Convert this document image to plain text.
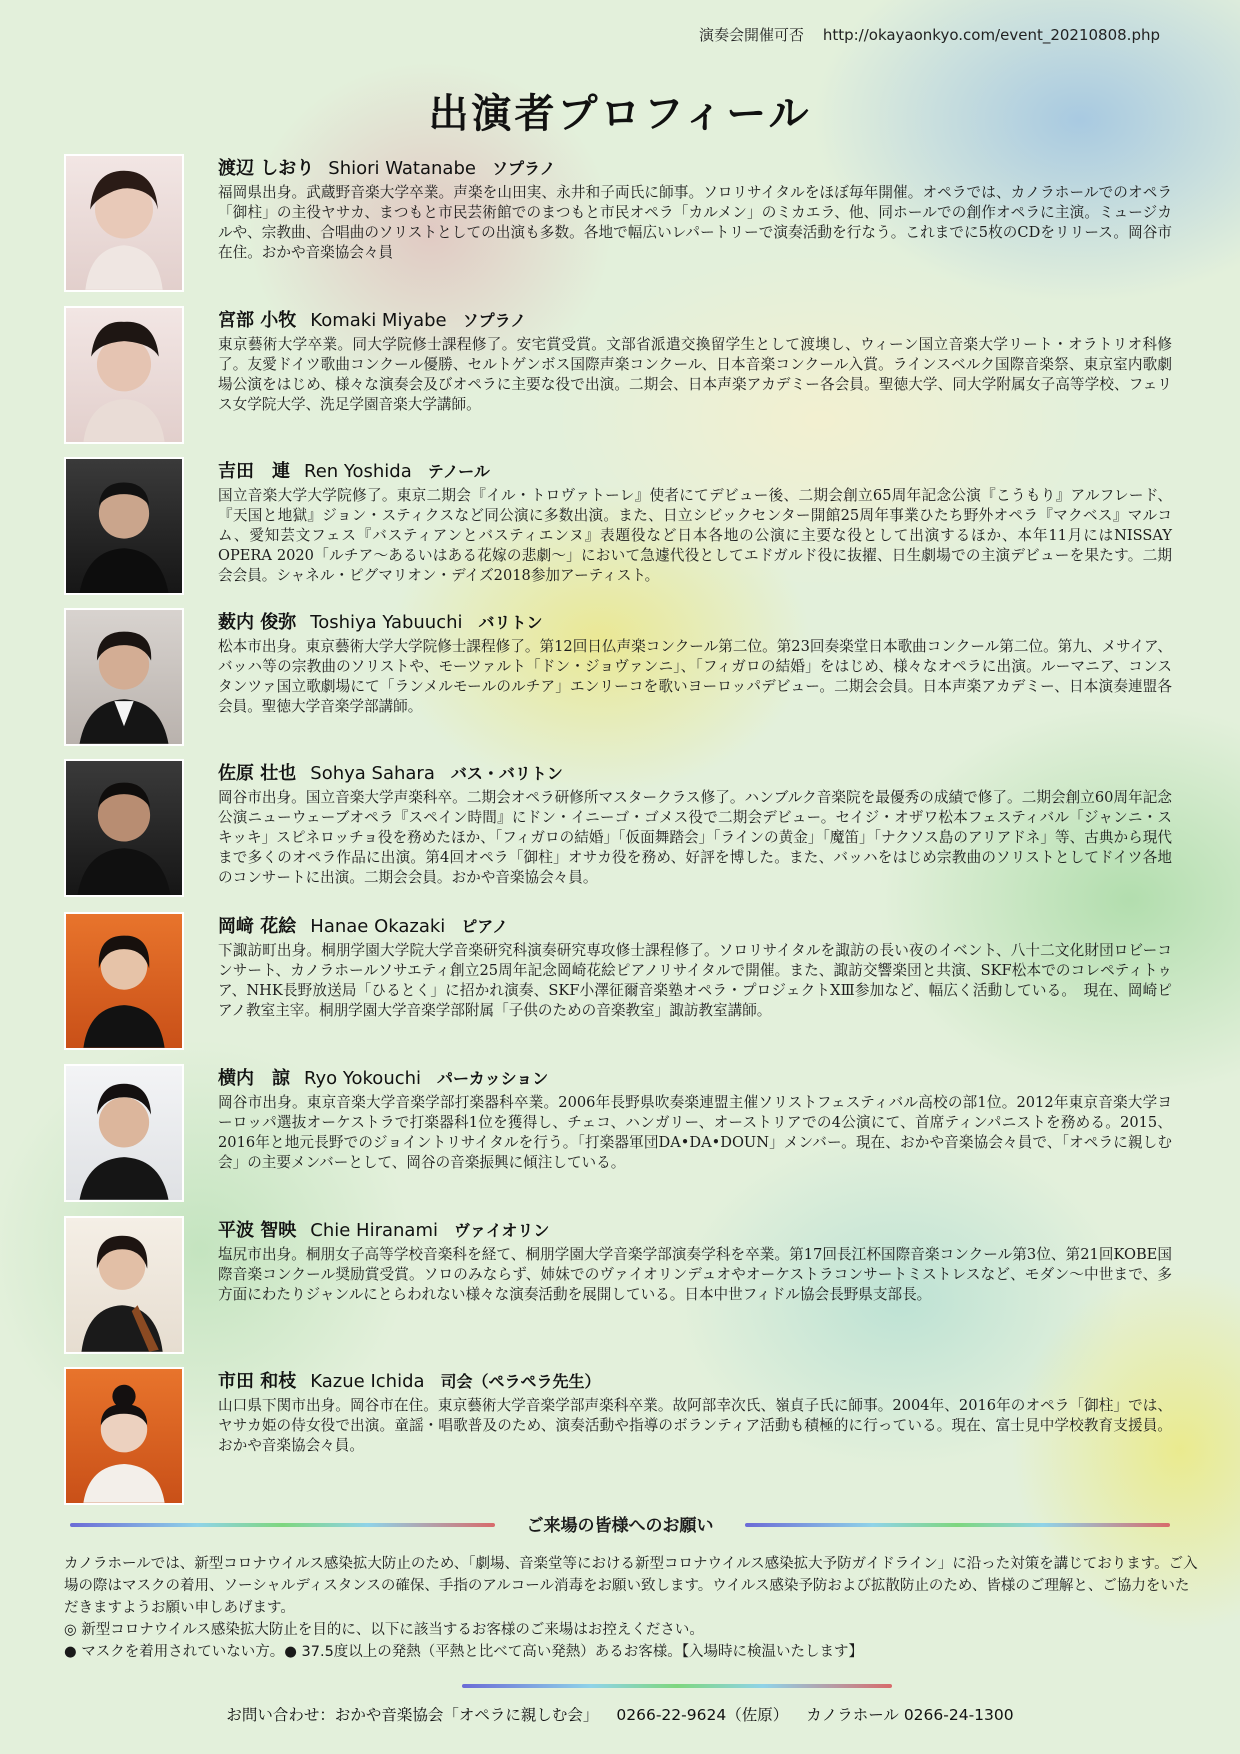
演奏会開催可否 http://okayaonkyo.com/event_20210808.php
出演者プロフィール
渡辺 しおり Shiori Watanabe ソプラノ

福岡県出身。武蔵野音楽大学卒業。声楽を山田実、永井和子両氏に師事。ソロリサイタルをほぼ毎年開催。オペラでは、カノラホールでのオペラ「御柱」の主役ヤサカ、まつもと市民芸術館でのまつもと市民オペラ「カルメン」のミカエラ、他、同ホールでの創作オペラに主演。ミュージカルや、宗教曲、合唱曲のソリストとしての出演も多数。各地で幅広いレパートリーで演奏活動を行なう。これまでに5枚のCDをリリース。岡谷市在住。おかや音楽協会々員

宮部 小牧 Komaki Miyabe ソプラノ

東京藝術大学卒業。同大学院修士課程修了。安宅賞受賞。文部省派遣交換留学生として渡墺し、ウィーン国立音楽大学リート・オラトリオ科修了。友愛ドイツ歌曲コンクール優勝、セルトゲンボス国際声楽コンクール、日本音楽コンクール入賞。ラインスベルク国際音楽祭、東京室内歌劇場公演をはじめ、様々な演奏会及びオペラに主要な役で出演。二期会、日本声楽アカデミー各会員。聖徳大学、同大学附属女子高等学校、フェリス女学院大学、洗足学園音楽大学講師。

吉田　連 Ren Yoshida テノール

国立音楽大学大学院修了。東京二期会『イル・トロヴァトーレ』使者にてデビュー後、二期会創立65周年記念公演『こうもり』アルフレード、『天国と地獄』ジョン・スティクスなど同公演に多数出演。また、日立シビックセンター開館25周年事業ひたち野外オペラ『マクベス』マルコム、愛知芸文フェス『バスティアンとバスティエンヌ』表題役など日本各地の公演に主要な役として出演するほか、本年11月にはNISSAY OPERA 2020「ルチア〜あるいはある花嫁の悲劇〜」において急遽代役としてエドガルド役に抜擢、日生劇場での主演デビューを果たす。二期会会員。シャネル・ピグマリオン・デイズ2018参加アーティスト。

薮内 俊弥 Toshiya Yabuuchi バリトン

松本市出身。東京藝術大学大学院修士課程修了。第12回日仏声楽コンクール第二位。第23回奏楽堂日本歌曲コンクール第二位。第九、メサイア、バッハ等の宗教曲のソリストや、モーツァルト「ドン・ジョヴァンニ」、「フィガロの結婚」をはじめ、様々なオペラに出演。ルーマニア、コンスタンツァ国立歌劇場にて「ランメルモールのルチア」エンリーコを歌いヨーロッパデビュー。二期会会員。日本声楽アカデミー、日本演奏連盟各会員。聖徳大学音楽学部講師。

佐原 壮也 Sohya Sahara バス・バリトン

岡谷市出身。国立音楽大学声楽科卒。二期会オペラ研修所マスタークラス修了。ハンブルク音楽院を最優秀の成績で修了。二期会創立60周年記念公演ニューウェーブオペラ『スペイン時間』にドン・イニーゴ・ゴメス役で二期会デビュー。セイジ・オザワ松本フェスティバル「ジャンニ・スキッキ」スピネロッチョ役を務めたほか、「フィガロの結婚」「仮面舞踏会」「ラインの黄金」「魔笛」「ナクソス島のアリアドネ」等、古典から現代まで多くのオペラ作品に出演。第4回オペラ「御柱」オサカ役を務め、好評を博した。また、バッハをはじめ宗教曲のソリストとしてドイツ各地のコンサートに出演。二期会会員。おかや音楽協会々員。

岡﨑 花絵 Hanae Okazaki ピアノ

下諏訪町出身。桐朋学園大学院大学音楽研究科演奏研究専攻修士課程修了。ソロリサイタルを諏訪の長い夜のイベント、八十二文化財団ロビーコンサート、カノラホールソサエティ創立25周年記念岡崎花絵ピアノリサイタルで開催。また、諏訪交響楽団と共演、SKF松本でのコレペティトゥア、NHK長野放送局「ひるとく」に招かれ演奏、SKF小澤征爾音楽塾オペラ・プロジェクトXⅢ参加など、幅広く活動している。　現在、岡崎ピアノ教室主宰。桐朋学園大学音楽学部附属「子供のための音楽教室」諏訪教室講師。

横内　諒 Ryo Yokouchi パーカッション

岡谷市出身。東京音楽大学音楽学部打楽器科卒業。2006年長野県吹奏楽連盟主催ソリストフェスティバル高校の部1位。2012年東京音楽大学ヨーロッパ選抜オーケストラで打楽器科1位を獲得し、チェコ、ハンガリー、オーストリアでの4公演にて、首席ティンパニストを務める。2015、2016年と地元長野でのジョイントリサイタルを行う。「打楽器軍団DA•DA•DOUN」メンバー。現在、おかや音楽協会々員で、「オペラに親しむ会」の主要メンバーとして、岡谷の音楽振興に傾注している。

平波 智映 Chie Hiranami ヴァイオリン

塩尻市出身。桐朋女子高等学校音楽科を経て、桐朋学園大学音楽学部演奏学科を卒業。第17回長江杯国際音楽コンクール第3位、第21回KOBE国際音楽コンクール奨励賞受賞。ソロのみならず、姉妹でのヴァイオリンデュオやオーケストラコンサートミストレスなど、モダン〜中世まで、多方面にわたりジャンルにとらわれない様々な演奏活動を展開している。日本中世フィドル協会長野県支部長。

市田 和枝 Kazue Ichida 司会（ペラペラ先生）

山口県下関市出身。岡谷市在住。東京藝術大学音楽学部声楽科卒業。故阿部幸次氏、嶺貞子氏に師事。2004年、2016年のオペラ「御柱」では、ヤサカ姫の侍女役で出演。童謡・唱歌普及のため、演奏活動や指導のボランティア活動も積極的に行っている。現在、富士見中学校教育支援員。おかや音楽協会々員。

ご来場の皆様へのお願い

カノラホールでは、新型コロナウイルス感染拡大防止のため、「劇場、音楽堂等における新型コロナウイルス感染拡大予防ガイドライン」に沿った対策を講じております。ご入場の際はマスクの着用、ソーシャルディスタンスの確保、手指のアルコール消毒をお願い致します。ウイルス感染予防および拡散防止のため、皆様のご理解と、ご協力をいただきますようお願い申しあげます。

◎ 新型コロナウイルス感染拡大防止を目的に、以下に該当するお客様のご来場はお控えください。

● マスクを着用されていない方。● 37.5度以上の発熱（平熱と比べて高い発熱）あるお客様。【入場時に検温いたします】

お問い合わせ：おかや音楽協会「オペラに親しむ会」 0266-22-9624（佐原） カノラホール 0266-24-1300
